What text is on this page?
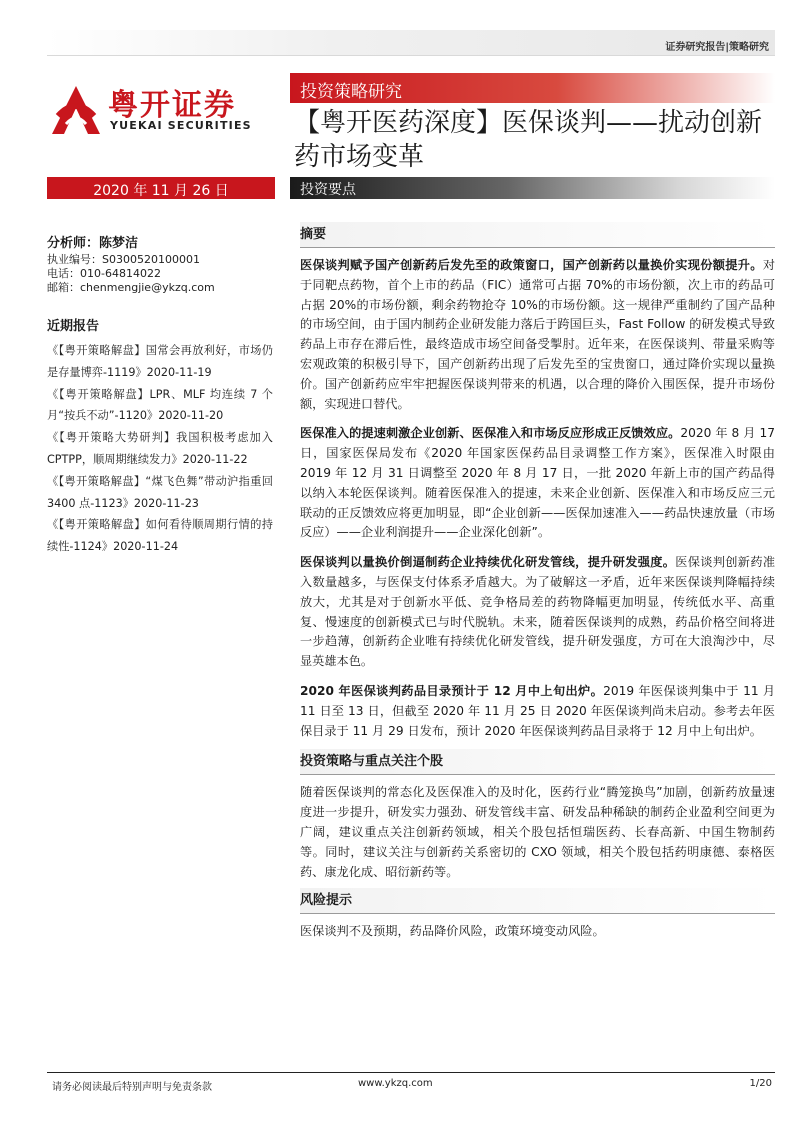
证券研究报告|策略研究
粤开证券
YUEKAI SECURITIES
投资策略研究
【粤开医药深度】医保谈判——扰动创新药市场变革
2020 年 11 月 26 日	投资要点
分析师：陈梦洁
执业编号：S0300520100001
电话：010-64814022
邮箱：chenmengjie@ykzq.com
近期报告
《【粤开策略解盘】国常会再放利好，市场仍是存量博弈-1119》2020-11-19
《【粤开策略解盘】LPR、MLF 均连续 7 个月“按兵不动”-1120》2020-11-20
《【粤开策略大势研判】我国积极考虑加入CPTPP，顺周期继续发力》2020-11-22
《【粤开策略解盘】“煤飞色舞”带动沪指重回 3400 点-1123》2020-11-23
《【粤开策略解盘】如何看待顺周期行情的持续性-1124》2020-11-24
摘要
医保谈判赋予国产创新药后发先至的政策窗口，国产创新药以量换价实现份额提升。对于同靶点药物，首个上市的药品（FIC）通常可占据 70%的市场份额，次上市的药品可占据 20%的市场份额，剩余药物抢夺 10%的市场份额。这一规律严重制约了国产品种的市场空间，由于国内制药企业研发能力落后于跨国巨头，Fast Follow 的研发模式导致药品上市存在滞后性，最终造成市场空间备受掣肘。近年来，在医保谈判、带量采购等宏观政策的积极引导下，国产创新药出现了后发先至的宝贵窗口，通过降价实现以量换价。国产创新药应牢牢把握医保谈判带来的机遇，以合理的降价入围医保，提升市场份额，实现进口替代。
医保准入的提速刺激企业创新、医保准入和市场反应形成正反馈效应。2020 年 8 月 17 日，国家医保局发布《2020 年国家医保药品目录调整工作方案》，医保准入时限由 2019 年 12 月 31 日调整至 2020 年 8 月 17 日，一批 2020 年新上市的国产药品得以纳入本轮医保谈判。随着医保准入的提速，未来企业创新、医保准入和市场反应三元联动的正反馈效应将更加明显，即“企业创新——医保加速准入——药品快速放量（市场反应）——企业利润提升——企业深化创新”。
医保谈判以量换价倒逼制药企业持续优化研发管线，提升研发强度。医保谈判创新药准入数量越多，与医保支付体系矛盾越大。为了破解这一矛盾，近年来医保谈判降幅持续放大，尤其是对于创新水平低、竞争格局差的药物降幅更加明显，传统低水平、高重复、慢速度的创新模式已与时代脱轨。未来，随着医保谈判的成熟，药品价格空间将进一步趋薄，创新药企业唯有持续优化研发管线，提升研发强度，方可在大浪淘沙中，尽显英雄本色。
2020 年医保谈判药品目录预计于 12 月中上旬出炉。2019 年医保谈判集中于 11 月 11 日至 13 日，但截至 2020 年 11 月 25 日 2020 年医保谈判尚未启动。参考去年医保目录于 11 月 29 日发布，预计 2020 年医保谈判药品目录将于 12 月中上旬出炉。
投资策略与重点关注个股
随着医保谈判的常态化及医保准入的及时化，医药行业“腾笼换鸟”加剧，创新药放量速度进一步提升，研发实力强劲、研发管线丰富、研发品种稀缺的制药企业盈利空间更为广阔，建议重点关注创新药领域，相关个股包括恒瑞医药、长春高新、中国生物制药等。同时，建议关注与创新药关系密切的 CXO 领域，相关个股包括药明康德、泰格医药、康龙化成、昭衍新药等。
风险提示
医保谈判不及预期，药品降价风险，政策环境变动风险。
请务必阅读最后特别声明与免责条款	www.ykzq.com	1/20
